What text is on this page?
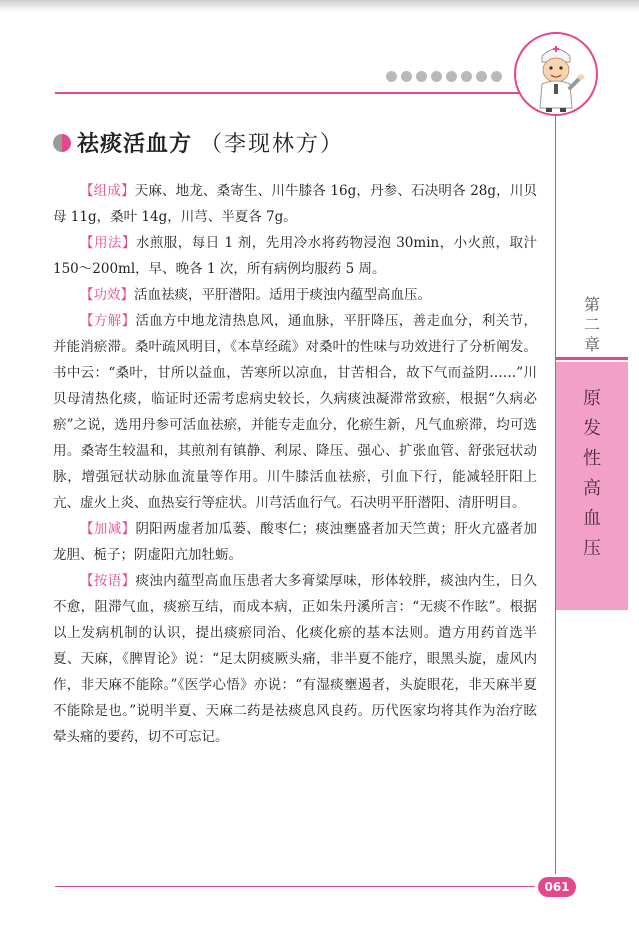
第
二
章
原
发
性
高
血
压
祛痰活血方 （李现林方）

【组成】天麻、地龙、桑寄生、川牛膝各 16g，丹参、石决明各 28g，川贝母 11g，桑叶 14g，川芎、半夏各 7g。

【用法】水煎服，每日 1 剂，先用冷水将药物浸泡 30min，小火煎，取汁 150～200ml，早、晚各 1 次，所有病例均服药 5 周。

【功效】活血祛痰，平肝潜阳。适用于痰浊内蕴型高血压。

【方解】活血方中地龙清热息风，通血脉，平肝降压，善走血分，利关节，并能消瘀滞。桑叶疏风明目，《本草经疏》对桑叶的性味与功效进行了分析阐发。书中云：“桑叶，甘所以益血，苦寒所以凉血，甘苦相合，故下气而益阴……”川贝母清热化痰，临证时还需考虑病史较长，久病痰浊凝滞常致瘀，根据“久病必瘀”之说，选用丹参可活血祛瘀，并能专走血分，化瘀生新，凡气血瘀滞，均可选用。桑寄生较温和，其煎剂有镇静、利尿、降压、强心、扩张血管、舒张冠状动脉，增强冠状动脉血流量等作用。川牛膝活血祛瘀，引血下行，能减轻肝阳上亢、虚火上炎、血热妄行等症状。川芎活血行气。石决明平肝潜阳、清肝明目。

【加减】阴阳两虚者加瓜蒌、酸枣仁；痰浊壅盛者加天竺黄；肝火亢盛者加龙胆、栀子；阴虚阳亢加牡蛎。

【按语】痰浊内蕴型高血压患者大多膏粱厚味，形体较胖，痰浊内生，日久不愈，阻滞气血，痰瘀互结，而成本病，正如朱丹溪所言：“无痰不作眩”。根据以上发病机制的认识，提出痰瘀同治、化痰化瘀的基本法则。遣方用药首选半夏、天麻，《脾胃论》说：“足太阴痰厥头痛，非半夏不能疗，眼黑头旋，虚风内作，非天麻不能除。”《医学心悟》亦说：“有湿痰壅遏者，头旋眼花，非天麻半夏不能除是也。”说明半夏、天麻二药是祛痰息风良药。历代医家均将其作为治疗眩晕头痛的要药，切不可忘记。

061
